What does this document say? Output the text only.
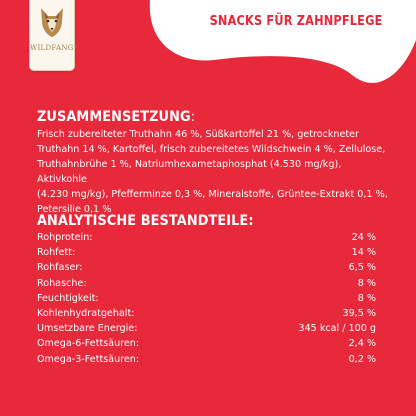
SNACKS FÜR ZAHNPFLEGE
WILDFANG®
ZUSAMMENSETZUNG:
Frisch zubereiteter Truthahn 46 %, Süßkartoffel 21 %, getrockneter
Truthahn 14 %, Kartoffel, frisch zubereitetes Wildschwein 4 %, Zellulose,
Truthahnbrühe 1 %, Natriumhexametaphosphat (4.530 mg/kg), Aktivkohle
(4.230 mg/kg), Pfefferminze 0,3 %, Mineralstoffe, Grüntee-Extrakt 0,1 %,
Petersilie 0,1 %
ANALYTISCHE BESTANDTEILE:
Rohprotein:	24 %
Rohfett:	14 %
Rohfaser:	6,5 %
Rohasche:	8 %
Feuchtigkeit:	8 %
Kohlenhydratgehalt:	39,5 %
Umsetzbare Energie:	345 kcal / 100 g
Omega-6-Fettsäuren:	2,4 %
Omega-3-Fettsäuren:	0,2 %
